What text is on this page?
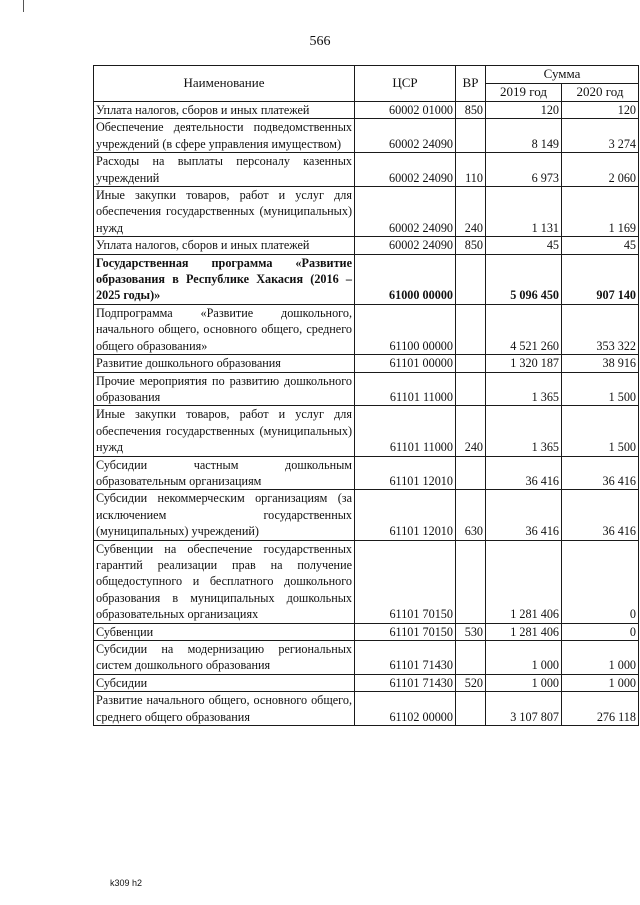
566
Наименование	ЦСР	ВР	Сумма	
			2019 год	2020 год
Уплата налогов, сборов и иных платежей	60002 01000	850	120	120
Обеспечение деятельности подведомственных учреждений (в сфере управления имуществом)	60002 24090		8 149	3 274
Расходы на выплаты персоналу казенных учреждений	60002 24090	110	6 973	2 060
Иные закупки товаров, работ и услуг для обеспечения государственных (муниципальных) нужд	60002 24090	240	1 131	1 169
Уплата налогов, сборов и иных платежей	60002 24090	850	45	45
Государственная программа «Развитие образования в Республике Хакасия (2016 – 2025 годы)»	61000 00000		5 096 450	907 140
Подпрограмма «Развитие дошкольного, начального общего, основного общего, среднего общего образования»	61100 00000		4 521 260	353 322
Развитие дошкольного образования	61101 00000		1 320 187	38 916
Прочие мероприятия по развитию дошкольного образования	61101 11000		1 365	1 500
Иные закупки товаров, работ и услуг для обеспечения государственных (муниципальных) нужд	61101 11000	240	1 365	1 500
Субсидии частным дошкольным образовательным организациям	61101 12010		36 416	36 416
Субсидии некоммерческим организациям (за исключением государственных (муниципальных) учреждений)	61101 12010	630	36 416	36 416
Субвенции на обеспечение государственных гарантий реализации прав на получение общедоступного и бесплатного дошкольного образования в муниципальных дошкольных образовательных организациях	61101 70150		1 281 406	0
Субвенции	61101 70150	530	1 281 406	0
Субсидии на модернизацию региональных систем дошкольного образования	61101 71430		1 000	1 000
Субсидии	61101 71430	520	1 000	1 000
Развитие начального общего, основного общего, среднего общего образования	61102 00000		3 107 807	276 118
k309 h2
